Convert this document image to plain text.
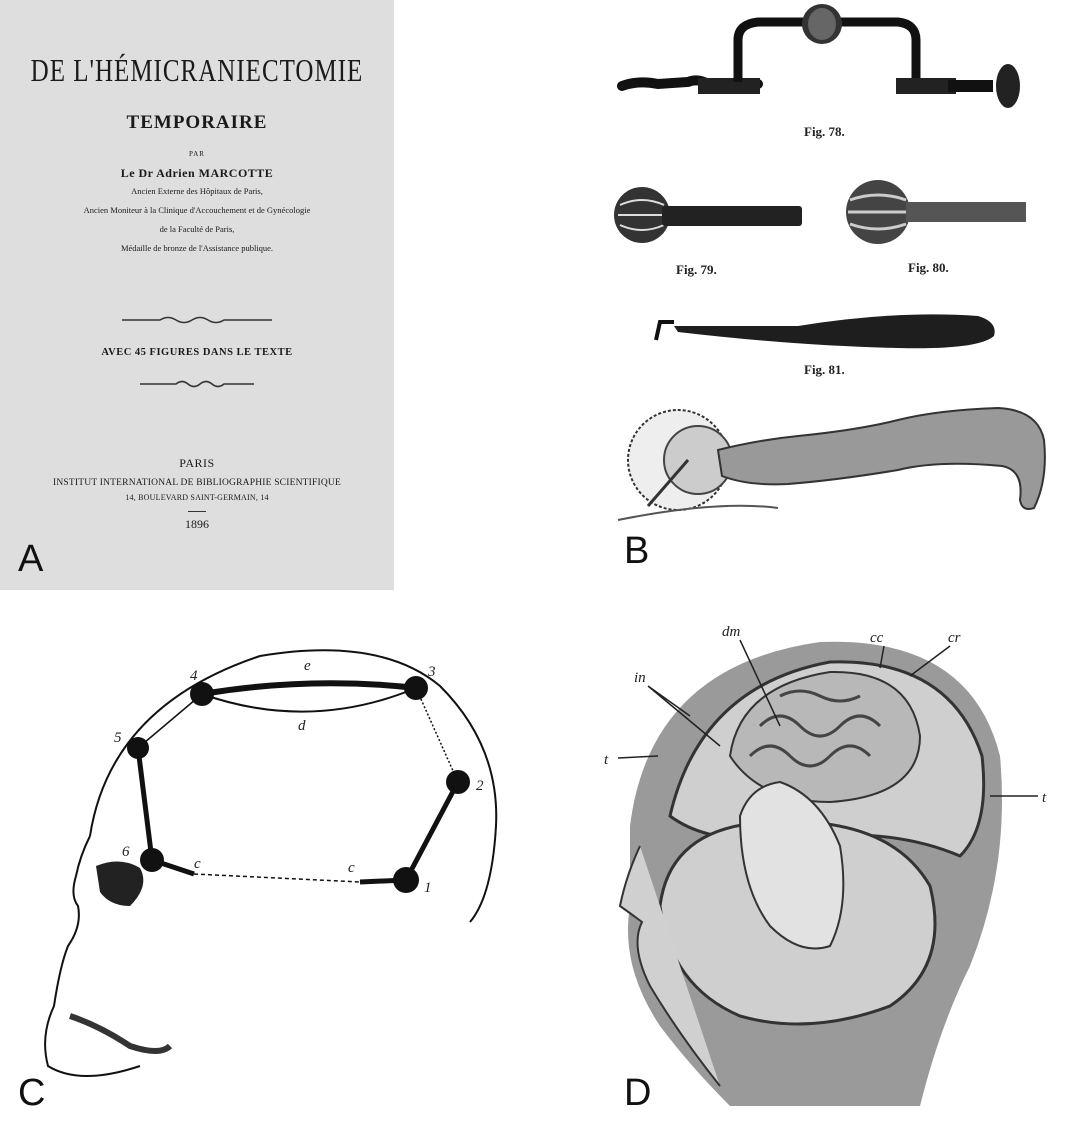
DE L'HÉMICRANIECTOMIE
TEMPORAIRE
PAR
Le Dr Adrien MARCOTTE
Ancien Externe des Hôpitaux de Paris,
Ancien Moniteur à la Clinique d'Accouchement et de Gynécologie
de la Faculté de Paris,
Médaille de bronze de l'Assistance publique.
AVEC 45 FIGURES DANS LE TEXTE
PARIS
INSTITUT INTERNATIONAL DE BIBLIOGRAPHIE SCIENTIFIQUE
14, BOULEVARD SAINT-GERMAIN, 14
1896
A
Fig. 78.
Fig. 79.	Fig. 80.
Fig. 81.
B
4
e	3
d
5
2
6
c	c
1
C
cc	cr
dm
in
t
t
D
